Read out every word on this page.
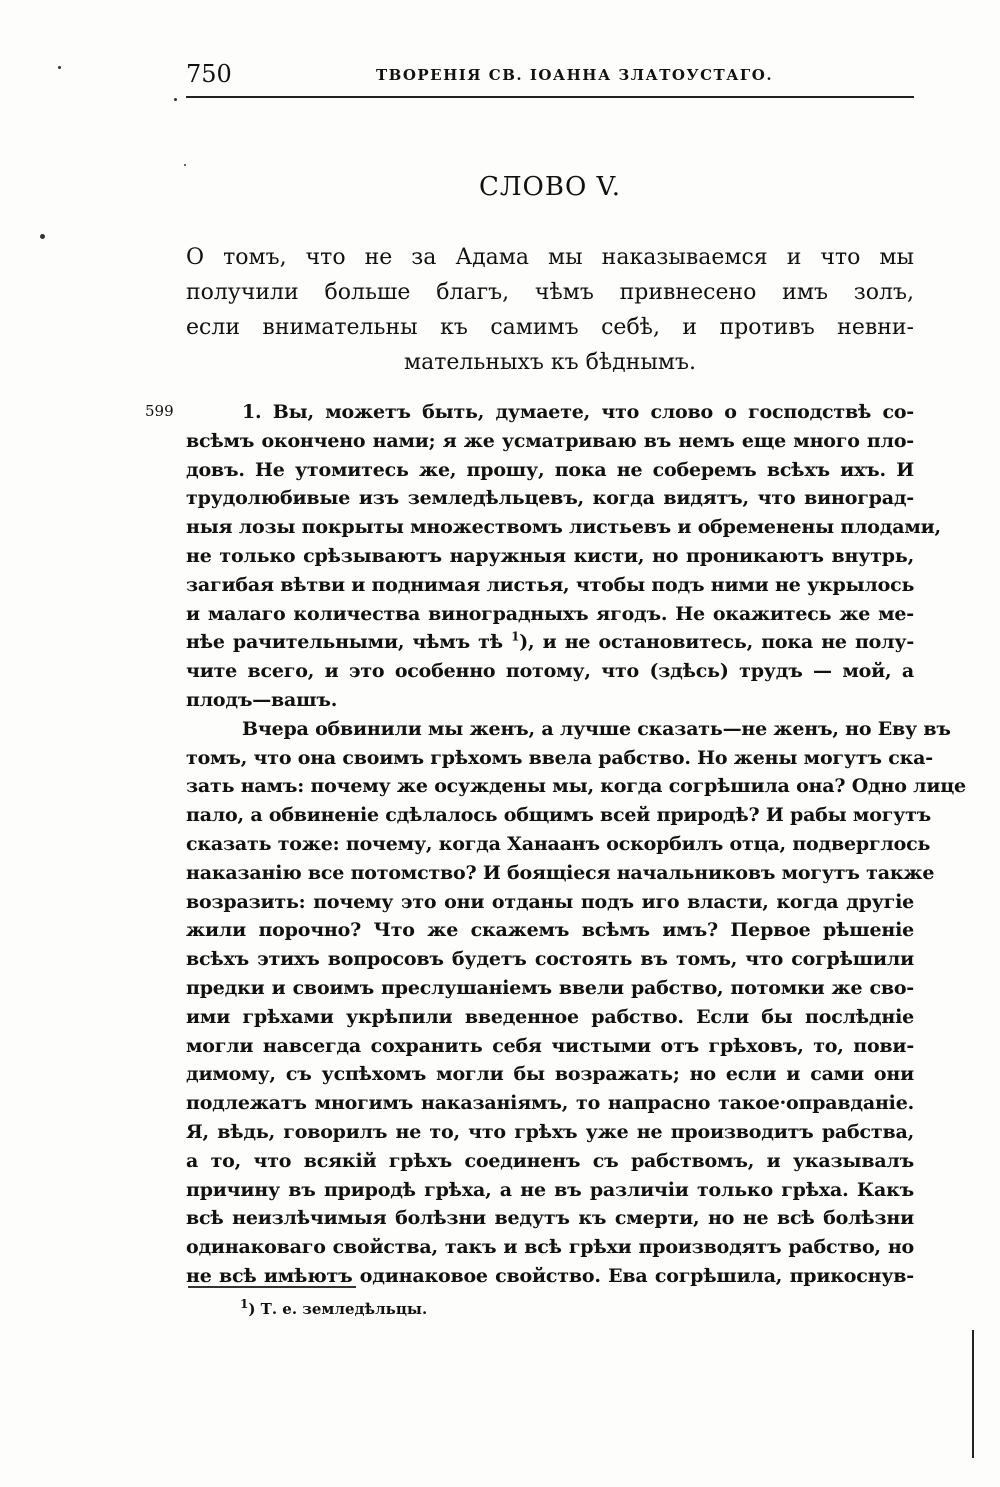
750	ТВОРЕНІЯ СВ. ІОАННА ЗЛАТОУСТАГО.
СЛОВО V.
О томъ, что не за Адама мы наказываемся и что мы
получили больше благъ, чѣмъ привнесено имъ золъ,
если внимательны къ самимъ себѣ, и противъ невни-
мательныхъ къ бѣднымъ.
599	1. Вы, можетъ быть, думаете, что слово о господствѣ со-
всѣмъ окончено нами; я же усматриваю въ немъ еще много пло-
довъ. Не утомитесь же, прошу, пока не соберемъ всѣхъ ихъ. И
трудолюбивые изъ земледѣльцевъ, когда видятъ, что виноград-
ныя лозы покрыты множествомъ листьевъ и обременены плодами,
не только срѣзываютъ наружныя кисти, но проникаютъ внутрь,
загибая вѣтви и поднимая листья, чтобы подъ ними не укрылось
и малаго количества виноградныхъ ягодъ. Не окажитесь же ме-
нѣе рачительными, чѣмъ тѣ $^1$), и не остановитесь, пока не полу-
чите всего, и это особенно потому, что (здѣсь) трудъ — мой, а
плодъ—вашъ.
Вчера обвинили мы женъ, а лучше сказать—не женъ, но Еву въ
томъ, что она своимъ грѣхомъ ввела рабство. Но жены могутъ ска-
зать намъ: почему же осуждены мы, когда согрѣшила она? Одно лице
пало, а обвиненіе сдѣлалось общимъ всей природѣ? И рабы могутъ
сказать тоже: почему, когда Ханаанъ оскорбилъ отца, подверглось
наказанію все потомство? И боящіеся начальниковъ могутъ также
возразить: почему это они отданы подъ иго власти, когда другіе
жили порочно? Что же скажемъ всѣмъ имъ? Первое рѣшеніе
всѣхъ этихъ вопросовъ будетъ состоять въ томъ, что согрѣшили
предки и своимъ преслушаніемъ ввели рабство, потомки же сво-
ими грѣхами укрѣпили введенное рабство. Если бы послѣдніе
могли навсегда сохранить себя чистыми отъ грѣховъ, то, пови-
димому, съ успѣхомъ могли бы возражать; но если и сами они
подлежатъ многимъ наказаніямъ, то напрасно такое·оправданіе.
Я, вѣдь, говорилъ не то, что грѣхъ уже не производитъ рабства,
а то, что всякій грѣхъ соединенъ съ рабствомъ, и указывалъ
причину въ природѣ грѣха, а не въ различіи только грѣха. Какъ
всѣ неизлѣчимыя болѣзни ведутъ къ смерти, но не всѣ болѣзни
одинаковаго свойства, такъ и всѣ грѣхи производятъ рабство, но
не всѣ имѣютъ одинаковое свойство. Ева согрѣшила, прикоснув-
$^1$) Т. е. земледѣльцы.
